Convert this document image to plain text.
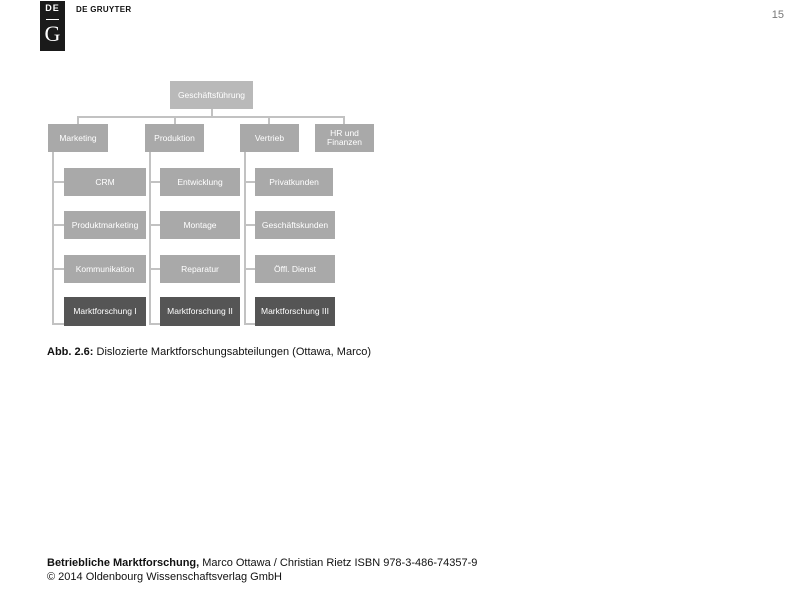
DE
G
DE GRUYTER	15
Geschäftsführung
Marketing	Produktion	Vertrieb	HR und Finanzen
CRM
Produktmarketing
Kommunikation
Marktforschung I
Entwicklung
Montage
Reparatur
Marktforschung II
Privatkunden
Geschäftskunden
Öffl. Dienst
Marktforschung III
Abb. 2.6: Dislozierte Marktforschungsabteilungen (Ottawa, Marco)
Betriebliche Marktforschung, Marco Ottawa / Christian Rietz ISBN 978-3-486-74357-9
© 2014 Oldenbourg Wissenschaftsverlag GmbH
